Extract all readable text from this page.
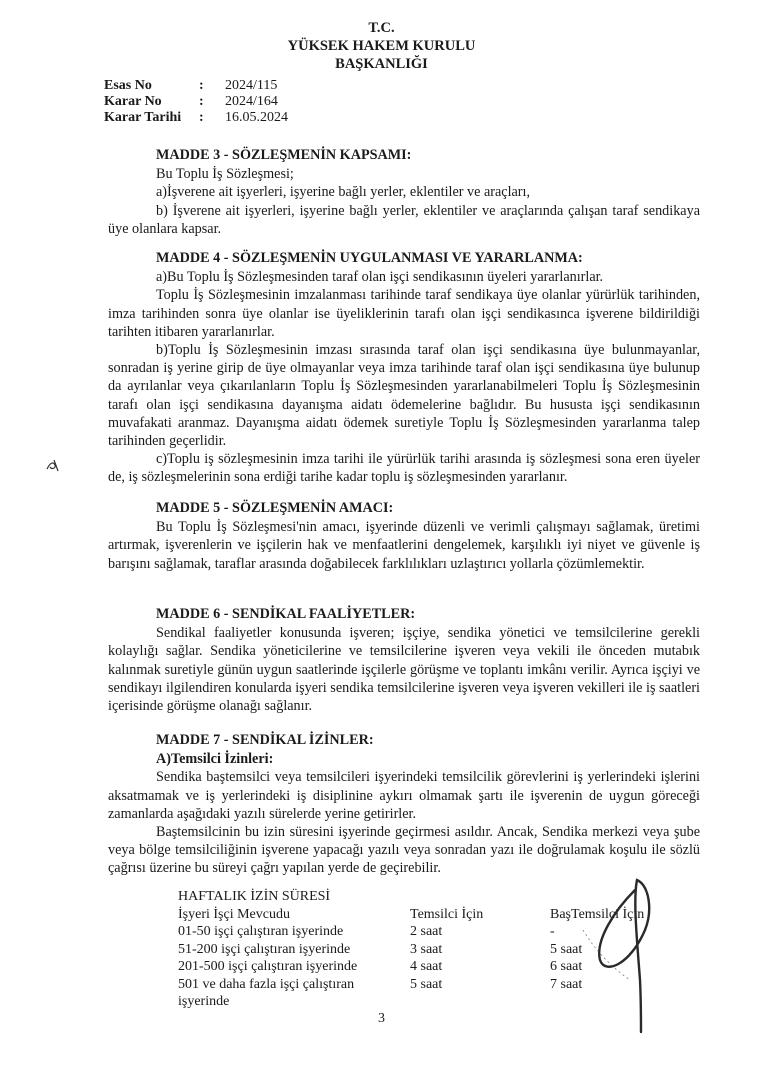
T.C.
YÜKSEK HAKEM KURULU
BAŞKANLIĞI
Esas No	:	2024/115
Karar No	:	2024/164
Karar Tarihi	:	16.05.2024
MADDE 3 - SÖZLEŞMENİN KAPSAMI:
Bu Toplu İş Sözleşmesi;
a)İşverene ait işyerleri, işyerine bağlı yerler, eklentiler ve araçları,
b) İşverene ait işyerleri, işyerine bağlı yerler, eklentiler ve araçlarında çalışan taraf sendikaya üye olanlara kapsar.
MADDE 4 - SÖZLEŞMENİN UYGULANMASI VE YARARLANMA:
a)Bu Toplu İş Sözleşmesinden taraf olan işçi sendikasının üyeleri yararlanırlar.
Toplu İş Sözleşmesinin imzalanması tarihinde taraf sendikaya üye olanlar yürürlük tarihinden, imza tarihinden sonra üye olanlar ise üyeliklerinin tarafı olan işçi sendikasınca işverene bildirildiği tarihten itibaren yararlanırlar.
b)Toplu İş Sözleşmesinin imzası sırasında taraf olan işçi sendikasına üye bulunmayanlar, sonradan iş yerine girip de üye olmayanlar veya imza tarihinde taraf olan işçi sendikasına üye bulunup da ayrılanlar veya çıkarılanların Toplu İş Sözleşmesinden yararlanabilmeleri Toplu İş Sözleşmesinin tarafı olan işçi sendikasına dayanışma aidatı ödemelerine bağlıdır. Bu hususta işçi sendikasının muvafakati aranmaz. Dayanışma aidatı ödemek suretiyle Toplu İş Sözleşmesinden yararlanma talep tarihinden geçerlidir.
c)Toplu iş sözleşmesinin imza tarihi ile yürürlük tarihi arasında iş sözleşmesi sona eren üyeler de, iş sözleşmelerinin sona erdiği tarihe kadar toplu iş sözleşmesinden yararlanır.
MADDE 5 - SÖZLEŞMENİN AMACI:
Bu Toplu İş Sözleşmesi'nin amacı, işyerinde düzenli ve verimli çalışmayı sağlamak, üretimi artırmak, işverenlerin ve işçilerin hak ve menfaatlerini dengelemek, karşılıklı iyi niyet ve güvenle iş barışını sağlamak, taraflar arasında doğabilecek farklılıkları uzlaştırıcı yollarla çözümlemektir.
MADDE 6 - SENDİKAL FAALİYETLER:
Sendikal faaliyetler konusunda işveren; işçiye, sendika yönetici ve temsilcilerine gerekli kolaylığı sağlar. Sendika yöneticilerine ve temsilcilerine işveren veya vekili ile önceden mutabık kalınmak suretiyle günün uygun saatlerinde işçilerle görüşme ve toplantı imkânı verilir. Ayrıca işçiyi ve sendikayı ilgilendiren konularda işyeri sendika temsilcilerine işveren veya işveren vekilleri ile iş saatleri içerisinde görüşme olanağı sağlanır.
MADDE 7 - SENDİKAL İZİNLER:
A)Temsilci İzinleri:
Sendika baştemsilci veya temsilcileri işyerindeki temsilcilik görevlerini iş yerlerindeki işlerini aksatmamak ve iş yerlerindeki iş disiplinine aykırı olmamak şartı ile işverenin de uygun göreceği zamanlarda aşağıdaki yazılı sürelerde yerine getirirler.
Baştemsilcinin bu izin süresini işyerinde geçirmesi asıldır. Ancak, Sendika merkezi veya şube veya bölge temsilciliğinin işverene yapacağı yazılı veya sonradan yazı ile doğrulamak koşulu ile sözlü çağrısı üzerine bu süreyi çağrı yapılan yerde de geçirebilir.
HAFTALIK İZİN SÜRESİ		
İşyeri İşçi Mevcudu	Temsilci İçin	BaşTemsilci İçin
01-50 işçi çalıştıran işyerinde	2 saat	-
51-200 işçi çalıştıran işyerinde	3 saat	5 saat
201-500 işçi çalıştıran işyerinde	4 saat	6 saat
501 ve daha fazla işçi çalıştıran işyerinde	5 saat	7 saat
3
